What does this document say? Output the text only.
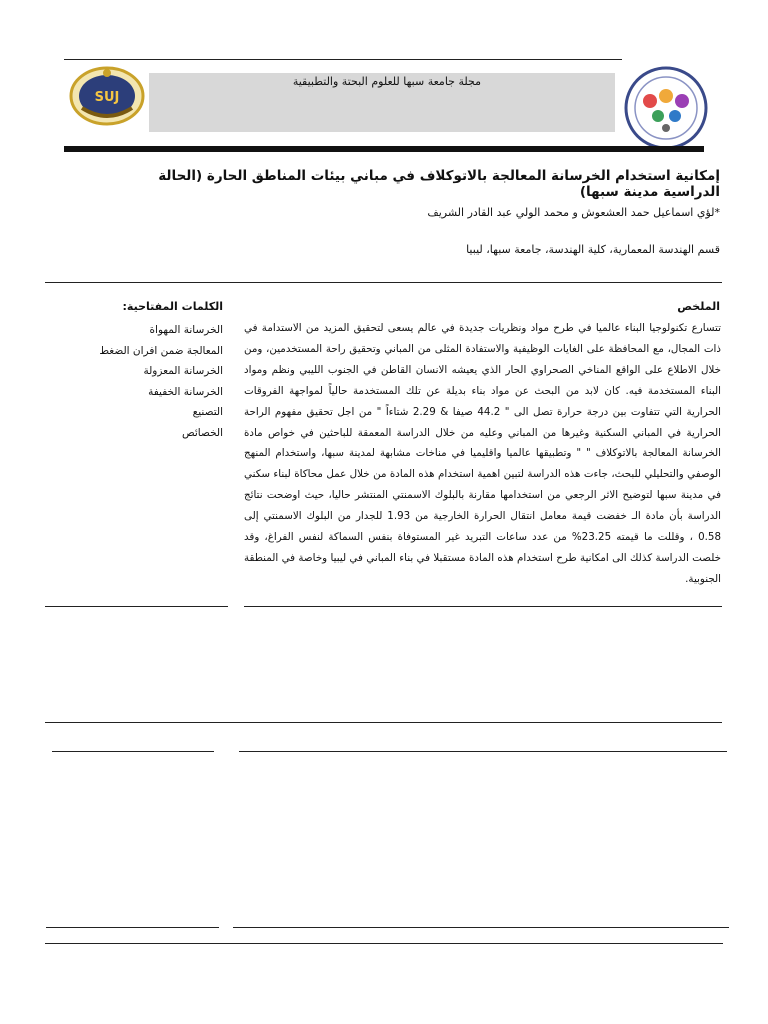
مجلة جامعة سبها للعلوم البحتة والتطبيقية
SUJ
إمكانية استخدام الخرسانة المعالجة بالاتوكلاف في مباني بيئات المناطق الحارة (الحالة الدراسية مدينة سبها)
*لؤي اسماعيل حمد العشعوش و محمد الولي عبد القادر الشريف
قسم الهندسة المعمارية، كلية الهندسة، جامعة سبها، ليبيا
الكلمات المفتاحية:
الخرسانة المهواة
المعالجة ضمن افران الضغط
الخرسانة المعزولة
الخرسانة الخفيفة
التصنيع
الخصائص
الملخص
تتسارع تكنولوجيا البناء عالميا في طرح مواد ونظريات جديدة في عالم يسعى لتحقيق المزيد من الاستدامة في ذات المجال، مع المحافظة على الغايات الوظيفية والاستفادة المثلى من المباني وتحقيق راحة المستخدمين، ومن خلال الاطلاع على الواقع المناخي الصحراوي الحار الذي يعيشه الانسان القاطن في الجنوب الليبي ونظم ومواد البناء المستخدمة فيه. كان لابد من البحث عن مواد بناء بديلة عن تلك المستخدمة حالياً لمواجهة الفروقات الحرارية التي تتفاوت بين درجة حرارة تصل الى " 44.2 صيفا & 2.29 شتاءاً " من اجل تحقيق مفهوم الراحة الحرارية في المباني السكنية وغيرها من المباني وعليه من خلال الدراسة المعمقة للباحثين في خواص مادة الخرسانة المعالجة بالاتوكلاف " " وتطبيقها عالميا واقليميا في مناخات مشابهة لمدينة سبها، واستخدام المنهج الوصفي والتحليلي للبحث، جاءت هذه الدراسة لتبين اهمية استخدام هذه المادة من خلال عمل محاكاة لبناء سكني في مدينة سبها لتوضيح الاثر الرجعي من استخدامها مقارنة بالبلوك الاسمنتي المنتشر حاليا، حيث اوضحت نتائج الدراسة بأن مادة الـ خفضت قيمة معامل انتقال الحرارة الخارجية من 1.93 للجدار من البلوك الاسمنتي إلى 0.58 ، وقللت ما قيمته 23.25% من عدد ساعات التبريد غير المستوفاة بنفس السماكة لنفس الفراغ، وقد خلصت الدراسة كذلك الى امكانية طرح استخدام هذه المادة مستقبلا في بناء المباني في ليبيا وخاصة في المنطقة الجنوبية.
